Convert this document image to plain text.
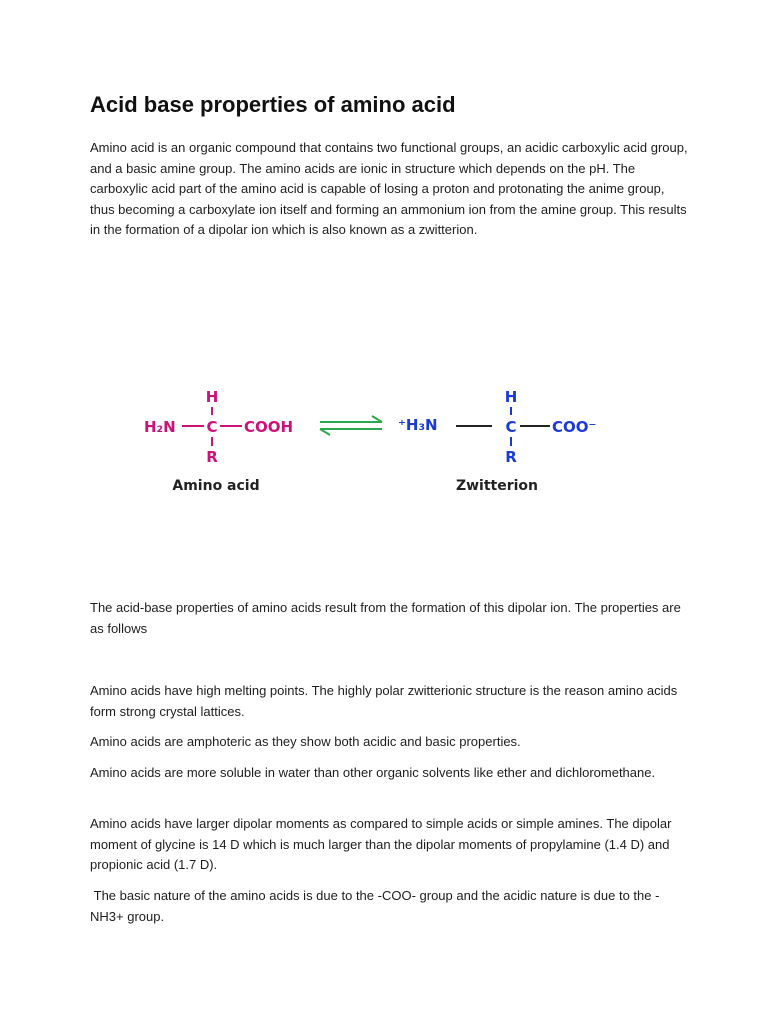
Acid base properties of amino acid

Amino acid is an organic compound that contains two functional groups, an acidic carboxylic acid group, and a basic amine group. The amino acids are ionic in structure which depends on the pH. The carboxylic acid part of the amino acid is capable of losing a proton and protonating the anime group, thus becoming a carboxylate ion itself and forming an ammonium ion from the amine group. This results in the formation of a dipolar ion which is also known as a zwitterion.

H
H₂N C COOH
R
H
⁺H₃N	C COO⁻
R
Amino acid	Zwitterion

The acid-base properties of amino acids result from the formation of this dipolar ion. The properties are as follows

Amino acids have high melting points. The highly polar zwitterionic structure is the reason amino acids form strong crystal lattices.

Amino acids are amphoteric as they show both acidic and basic properties.

Amino acids are more soluble in water than other organic solvents like ether and dichloromethane.

Amino acids have larger dipolar moments as compared to simple acids or simple amines. The dipolar moment of glycine is 14 D which is much larger than the dipolar moments of propylamine (1.4 D) and propionic acid (1.7 D).

The basic nature of the amino acids is due to the -COO- group and the acidic nature is due to the -NH3+ group.
